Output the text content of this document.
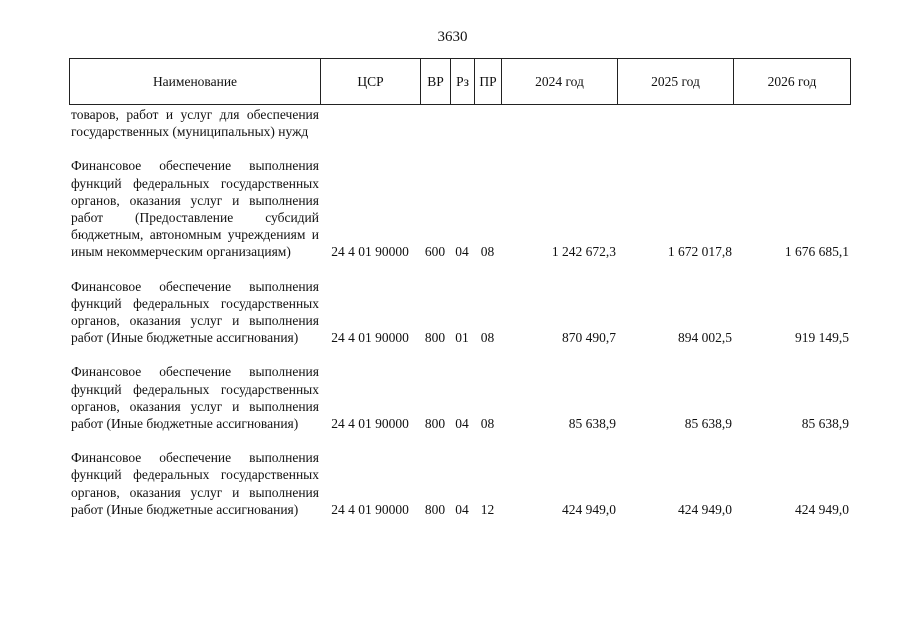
3630
Наименование	ЦСР	ВР	Рз	ПР	2024 год	2025 год	2026 год
товаров, работ и услуг для обеспечения государственных (муниципальных) нужд							
Финансовое обеспечение выполнения функций федеральных государственных органов, оказания услуг и выполнения работ (Предоставление субсидий бюджетным, автономным учреждениям и иным некоммерческим организациям)	24 4 01 90000	600	04	08	1 242 672,3	1 672 017,8	1 676 685,1
Финансовое обеспечение выполнения функций федеральных государственных органов, оказания услуг и выполнения работ (Иные бюджетные ассигнования)	24 4 01 90000	800	01	08	870 490,7	894 002,5	919 149,5
Финансовое обеспечение выполнения функций федеральных государственных органов, оказания услуг и выполнения работ (Иные бюджетные ассигнования)	24 4 01 90000	800	04	08	85 638,9	85 638,9	85 638,9
Финансовое обеспечение выполнения функций федеральных государственных органов, оказания услуг и выполнения работ (Иные бюджетные ассигнования)	24 4 01 90000	800	04	12	424 949,0	424 949,0	424 949,0
